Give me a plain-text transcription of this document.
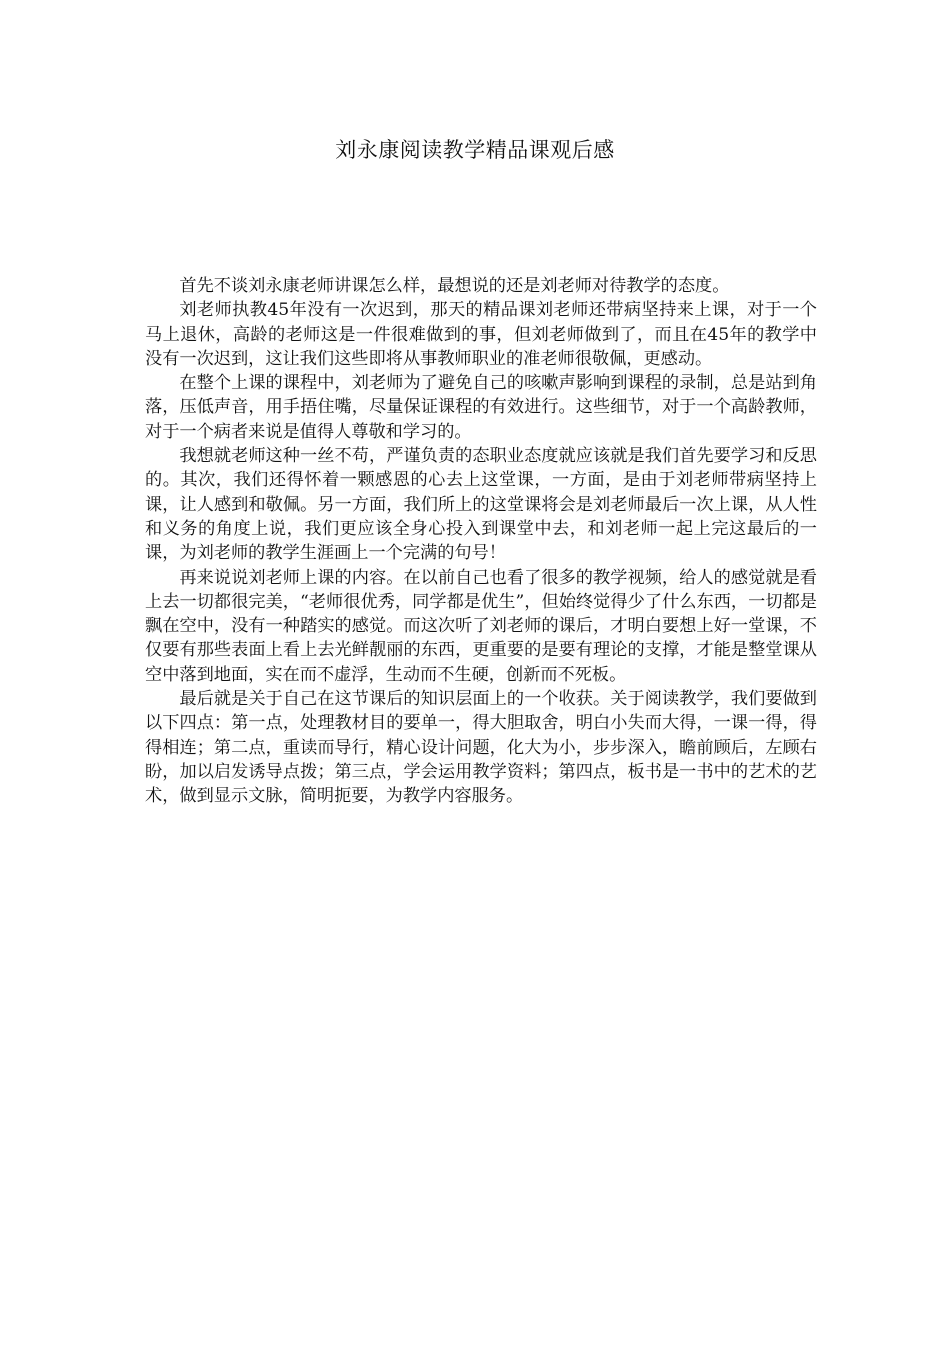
刘永康阅读教学精品课观后感

首先不谈刘永康老师讲课怎么样，最想说的还是刘老师对待教学的态度。

刘老师执教45年没有一次迟到，那天的精品课刘老师还带病坚持来上课，对于一个马上退休，高龄的老师这是一件很难做到的事，但刘老师做到了，而且在45年的教学中没有一次迟到，这让我们这些即将从事教师职业的准老师很敬佩，更感动。

在整个上课的课程中，刘老师为了避免自己的咳嗽声影响到课程的录制，总是站到角落，压低声音，用手捂住嘴，尽量保证课程的有效进行。这些细节，对于一个高龄教师，对于一个病者来说是值得人尊敬和学习的。

我想就老师这种一丝不苟，严谨负责的态职业态度就应该就是我们首先要学习和反思的。其次，我们还得怀着一颗感恩的心去上这堂课，一方面，是由于刘老师带病坚持上课，让人感到和敬佩。另一方面，我们所上的这堂课将会是刘老师最后一次上课，从人性和义务的角度上说，我们更应该全身心投入到课堂中去，和刘老师一起上完这最后的一课，为刘老师的教学生涯画上一个完满的句号！

再来说说刘老师上课的内容。在以前自己也看了很多的教学视频，给人的感觉就是看上去一切都很完美，“老师很优秀，同学都是优生”，但始终觉得少了什么东西，一切都是飘在空中，没有一种踏实的感觉。而这次听了刘老师的课后，才明白要想上好一堂课，不仅要有那些表面上看上去光鲜靓丽的东西，更重要的是要有理论的支撑，才能是整堂课从空中落到地面，实在而不虚浮，生动而不生硬，创新而不死板。

最后就是关于自己在这节课后的知识层面上的一个收获。关于阅读教学，我们要做到以下四点：第一点，处理教材目的要单一，得大胆取舍，明白小失而大得，一课一得，得得相连；第二点，重读而导行，精心设计问题，化大为小，步步深入，瞻前顾后，左顾右盼，加以启发诱导点拨；第三点，学会运用教学资料；第四点，板书是一书中的艺术的艺术，做到显示文脉，简明扼要，为教学内容服务。
